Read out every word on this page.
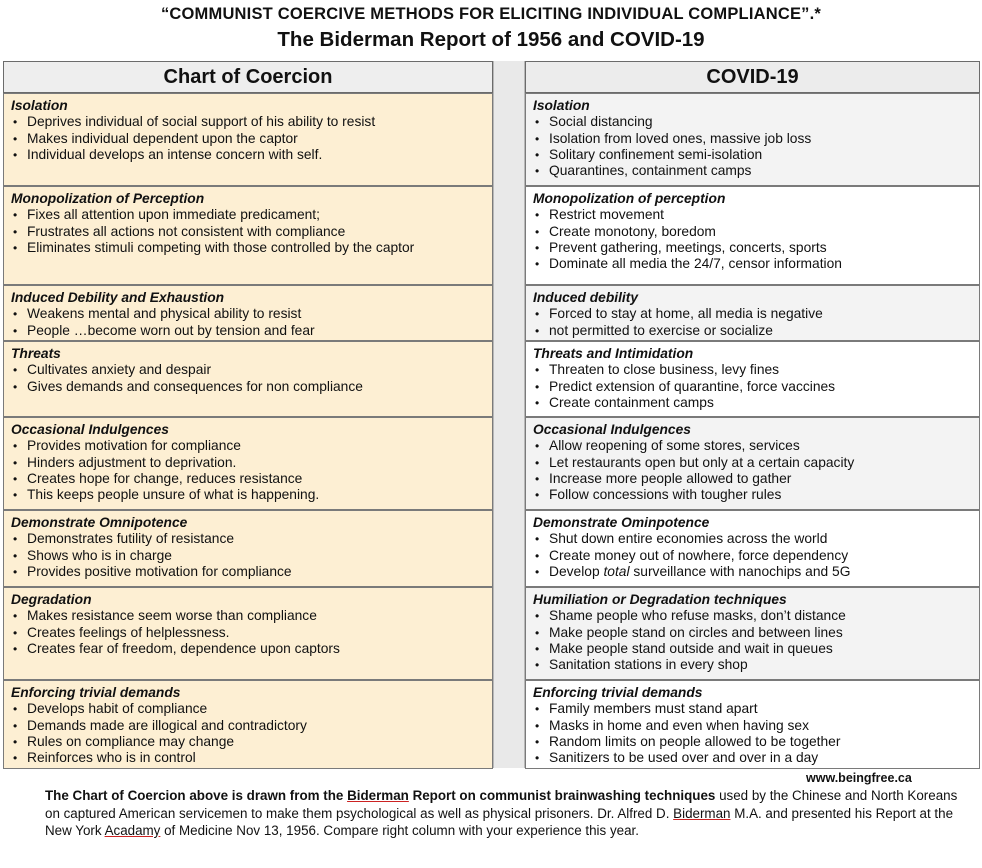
“COMMUNIST COERCIVE METHODS FOR ELICITING INDIVIDUAL COMPLIANCE”.*
The Biderman Report of 1956 and COVID-19
Chart of Coercion
Isolation
• Deprives individual of social support of his ability to resist
• Makes individual dependent upon the captor
• Individual develops an intense concern with self.
Monopolization of Perception
• Fixes all attention upon immediate predicament;
• Frustrates all actions not consistent with compliance
• Eliminates stimuli competing with those controlled by the captor
Induced Debility and Exhaustion
• Weakens mental and physical ability to resist
• People …become worn out by tension and fear
Threats
• Cultivates anxiety and despair
• Gives demands and consequences for non compliance
Occasional Indulgences
• Provides motivation for compliance
• Hinders adjustment to deprivation.
• Creates hope for change, reduces resistance
• This keeps people unsure of what is happening.
Demonstrate Omnipotence
• Demonstrates futility of resistance
• Shows who is in charge
• Provides positive motivation for compliance
Degradation
• Makes resistance seem worse than compliance
• Creates feelings of helplessness.
• Creates fear of freedom, dependence upon captors
Enforcing trivial demands
• Develops habit of compliance
• Demands made are illogical and contradictory
• Rules on compliance may change
• Reinforces who is in control
COVID-19
Isolation
• Social distancing
• Isolation from loved ones, massive job loss
• Solitary confinement semi-isolation
• Quarantines, containment camps
Monopolization of perception
• Restrict movement
• Create monotony, boredom
• Prevent gathering, meetings, concerts, sports
• Dominate all media the 24/7, censor information
Induced debility
• Forced to stay at home, all media is negative
• not permitted to exercise or socialize
Threats and Intimidation
• Threaten to close business, levy fines
• Predict extension of quarantine, force vaccines
• Create containment camps
Occasional Indulgences
• Allow reopening of some stores, services
• Let restaurants open but only at a certain capacity
• Increase more people allowed to gather
• Follow concessions with tougher rules
Demonstrate Ominpotence
• Shut down entire economies across the world
• Create money out of nowhere, force dependency
• Develop total surveillance with nanochips and 5G
Humiliation or Degradation techniques
• Shame people who refuse masks, don’t distance
• Make people stand on circles and between lines
• Make people stand outside and wait in queues
• Sanitation stations in every shop
Enforcing trivial demands
• Family members must stand apart
• Masks in home and even when having sex
• Random limits on people allowed to be together
• Sanitizers to be used over and over in a day
www.beingfree.ca
The Chart of Coercion above is drawn from the Biderman Report on communist brainwashing techniques used by the Chinese and North Koreans on captured American servicemen to make them psychological as well as physical prisoners. Dr. Alfred D. Biderman M.A. and presented his Report at the New York Acadamy of Medicine Nov 13, 1956. Compare right column with your experience this year.
